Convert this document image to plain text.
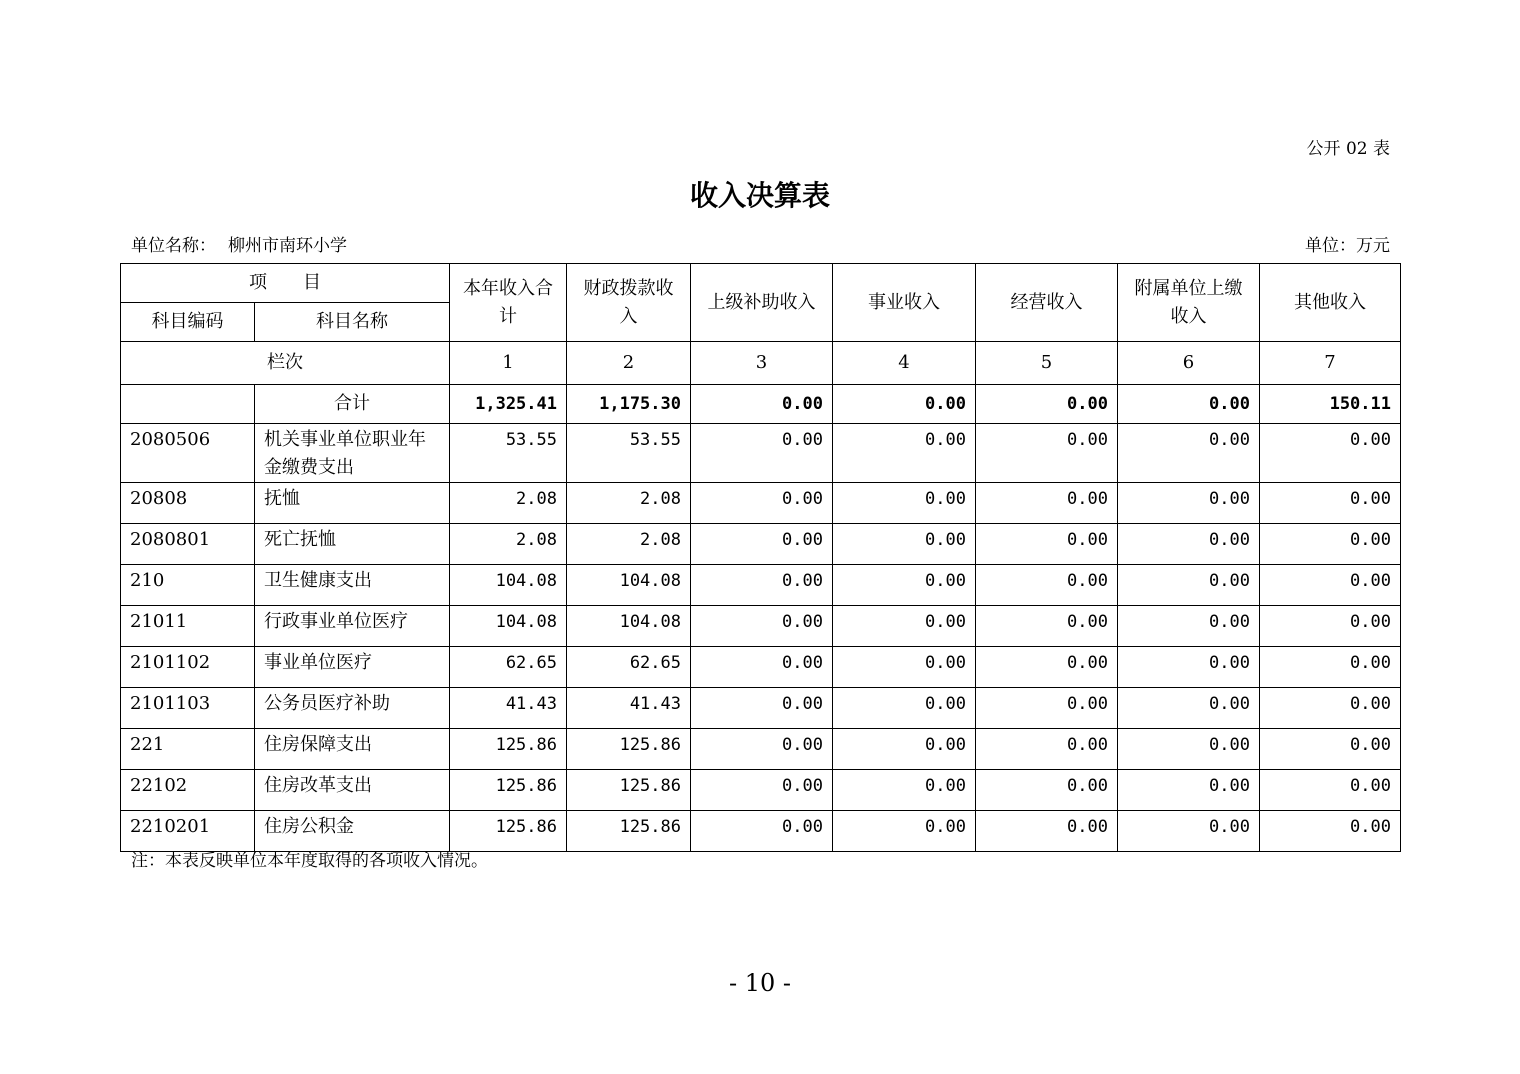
公开 02 表
收入决算表
单位名称： 柳州市南环小学	单位：万元
项　　目		本年收入合计	财政拨款收入	上级补助收入	事业收入	经营收入	附属单位上缴收入	其他收入
科目编码	科目名称							
栏次		1	2	3	4	5	6	7
	合计	1,325.41	1,175.30	0.00	0.00	0.00	0.00	150.11
2080506	机关事业单位职业年金缴费支出	53.55	53.55	0.00	0.00	0.00	0.00	0.00
20808	抚恤	2.08	2.08	0.00	0.00	0.00	0.00	0.00
2080801	死亡抚恤	2.08	2.08	0.00	0.00	0.00	0.00	0.00
210	卫生健康支出	104.08	104.08	0.00	0.00	0.00	0.00	0.00
21011	行政事业单位医疗	104.08	104.08	0.00	0.00	0.00	0.00	0.00
2101102	事业单位医疗	62.65	62.65	0.00	0.00	0.00	0.00	0.00
2101103	公务员医疗补助	41.43	41.43	0.00	0.00	0.00	0.00	0.00
221	住房保障支出	125.86	125.86	0.00	0.00	0.00	0.00	0.00
22102	住房改革支出	125.86	125.86	0.00	0.00	0.00	0.00	0.00
2210201	住房公积金	125.86	125.86	0.00	0.00	0.00	0.00	0.00
注：本表反映单位本年度取得的各项收入情况。
- 10 -
